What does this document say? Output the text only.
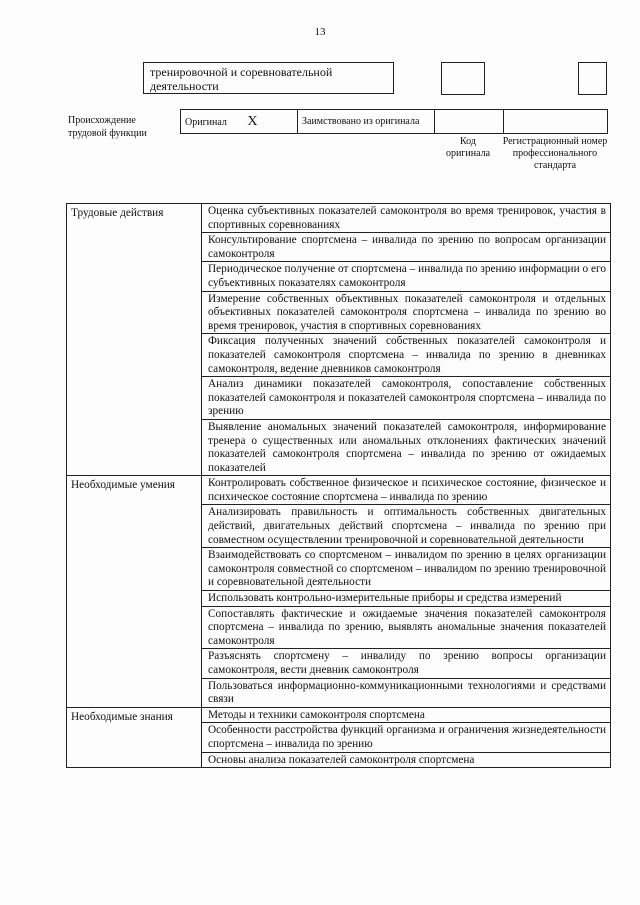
13
тренировочной и соревновательной деятельности
Происхождение трудовой функции
Оригинал X	Заимствовано из оригинала		
Код оригинала
Регистрационный номер профессионального стандарта
Трудовые действия	Оценка субъективных показателей самоконтроля во время тренировок, участия в спортивных соревнованиях
	Консультирование спортсмена – инвалида по зрению по вопросам организации самоконтроля
	Периодическое получение от спортсмена – инвалида по зрению информации о его субъективных показателях самоконтроля
	Измерение собственных объективных показателей самоконтроля и отдельных объективных показателей самоконтроля спортсмена – инвалида по зрению во время тренировок, участия в спортивных соревнованиях
	Фиксация полученных значений собственных показателей самоконтроля и показателей самоконтроля спортсмена – инвалида по зрению в дневниках самоконтроля, ведение дневников самоконтроля
	Анализ динамики показателей самоконтроля, сопоставление собственных показателей самоконтроля и показателей самоконтроля спортсмена – инвалида по зрению
	Выявление аномальных значений показателей самоконтроля, информирование тренера о существенных или аномальных отклонениях фактических значений показателей самоконтроля спортсмена – инвалида по зрению от ожидаемых показателей
Необходимые умения	Контролировать собственное физическое и психическое состояние, физическое и психическое состояние спортсмена – инвалида по зрению
	Анализировать правильность и оптимальность собственных двигательных действий, двигательных действий спортсмена – инвалида по зрению при совместном осуществлении тренировочной и соревновательной деятельности
	Взаимодействовать со спортсменом – инвалидом по зрению в целях организации самоконтроля совместной со спортсменом – инвалидом по зрению тренировочной и соревновательной деятельности
	Использовать контрольно-измерительные приборы и средства измерений
	Сопоставлять фактические и ожидаемые значения показателей самоконтроля спортсмена – инвалида по зрению, выявлять аномальные значения показателей самоконтроля
	Разъяснять спортсмену – инвалиду по зрению вопросы организации самоконтроля, вести дневник самоконтроля
	Пользоваться информационно-коммуникационными технологиями и средствами связи
Необходимые знания	Методы и техники самоконтроля спортсмена
	Особенности расстройства функций организма и ограничения жизнедеятельности спортсмена – инвалида по зрению
	Основы анализа показателей самоконтроля спортсмена
